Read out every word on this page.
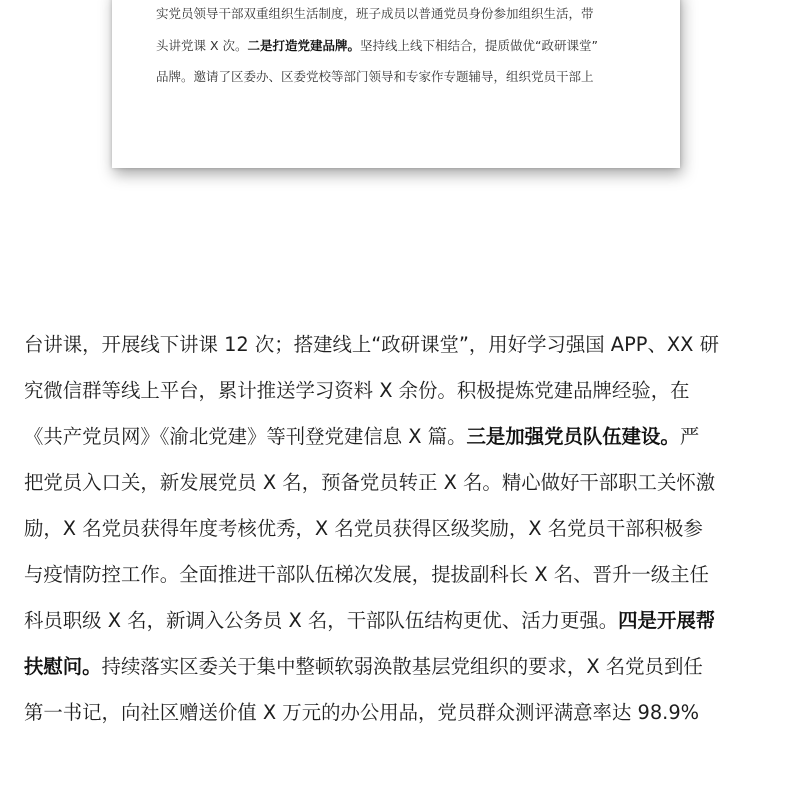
实党员领导干部双重组织生活制度，班子成员以普通党员身份参加组织生活，带
头讲党课 X 次。二是打造党建品牌。坚持线上线下相结合，提质做优“政研课堂”
品牌。邀请了区委办、区委党校等部门领导和专家作专题辅导，组织党员干部上
台讲课，开展线下讲课 12 次；搭建线上“政研课堂”，用好学习强国 APP、XX 研
究微信群等线上平台，累计推送学习资料 X 余份。积极提炼党建品牌经验，在
《共产党员网》《渝北党建》等刊登党建信息 X 篇。三是加强党员队伍建设。严
把党员入口关，新发展党员 X 名，预备党员转正 X 名。精心做好干部职工关怀激
励，X 名党员获得年度考核优秀，X 名党员获得区级奖励，X 名党员干部积极参
与疫情防控工作。全面推进干部队伍梯次发展，提拔副科长 X 名、晋升一级主任
科员职级 X 名，新调入公务员 X 名，干部队伍结构更优、活力更强。四是开展帮
扶慰问。持续落实区委关于集中整顿软弱涣散基层党组织的要求，X 名党员到任
第一书记，向社区赠送价值 X 万元的办公用品，党员群众测评满意率达 98.9%
